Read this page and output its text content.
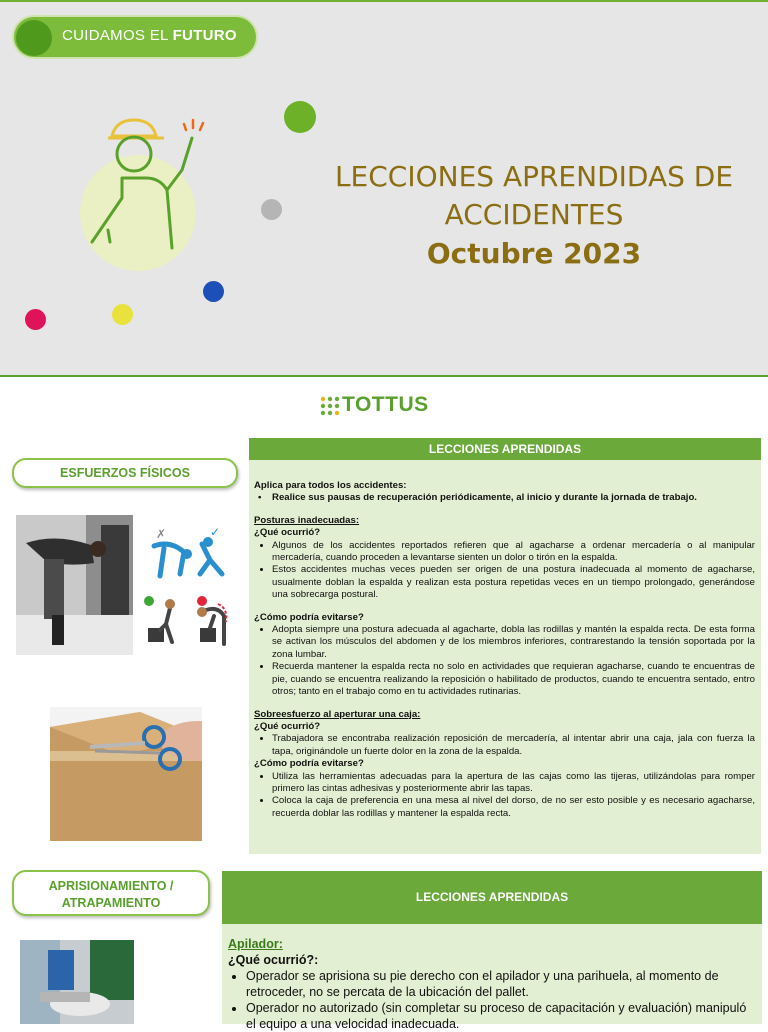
CUIDAMOS EL FUTURO
LECCIONES APRENDIDAS DE
ACCIDENTES
Octubre 2023
TOTTUS
ESFUERZOS FÍSICOS
✗	✓
LECCIONES APRENDIDAS

Aplica para todos los accidentes:

•    Realice sus pausas de recuperación periódicamente, al inicio y durante la jornada de trabajo.

Posturas inadecuadas:

¿Qué ocurrió?

• Algunos de los accidentes reportados refieren que al agacharse a ordenar mercadería o al manipular mercadería, cuando proceden a levantarse sienten un dolor o tirón en la espalda.
• Estos accidentes muchas veces pueden ser origen de una postura inadecuada al momento de agacharse, usualmente doblan la espalda y realizan esta postura repetidas veces en un tiempo prolongado, generándose una sobrecarga postural.

¿Cómo podría evitarse?

• Adopta siempre una postura adecuada al agacharte, dobla las rodillas y mantén la espalda recta. De esta forma se activan los músculos del abdomen y de los miembros inferiores, contrarestando la tensión soportada por la zona lumbar.
• Recuerda mantener la espalda recta no solo en actividades que requieran agacharse, cuando te encuentras de pie, cuando se encuentra realizando la reposición o habilitado de productos, cuando te encuentra sentado, entro otros; tanto en el trabajo como en tu actividades rutinarias.

Sobreesfuerzo al aperturar una caja:

¿Qué ocurrió?

• Trabajadora se encontraba realización reposición de mercadería, al intentar abrir una caja, jala con fuerza la tapa, originándole un fuerte dolor en la zona de la espalda.

¿Cómo podría evitarse?

• Utiliza las herramientas adecuadas para la apertura de las cajas como las tijeras, utilizándolas para romper primero las cintas adhesivas y posteriormente abrir las tapas.
• Coloca la caja de preferencia en una mesa al nivel del dorso, de no ser esto posible y es necesario agacharse, recuerda doblar las rodillas y mantener la espalda recta.
APRISIONAMIENTO /
ATRAPAMIENTO	LECCIONES APRENDIDAS

Apilador:

¿Qué ocurrió?:

• Operador se aprisiona su pie derecho con el apilador y una parihuela, al momento de retroceder, no se percata de la ubicación del pallet.
• Operador no autorizado (sin completar su proceso de capacitación y evaluación) manipuló el equipo a una velocidad inadecuada.
